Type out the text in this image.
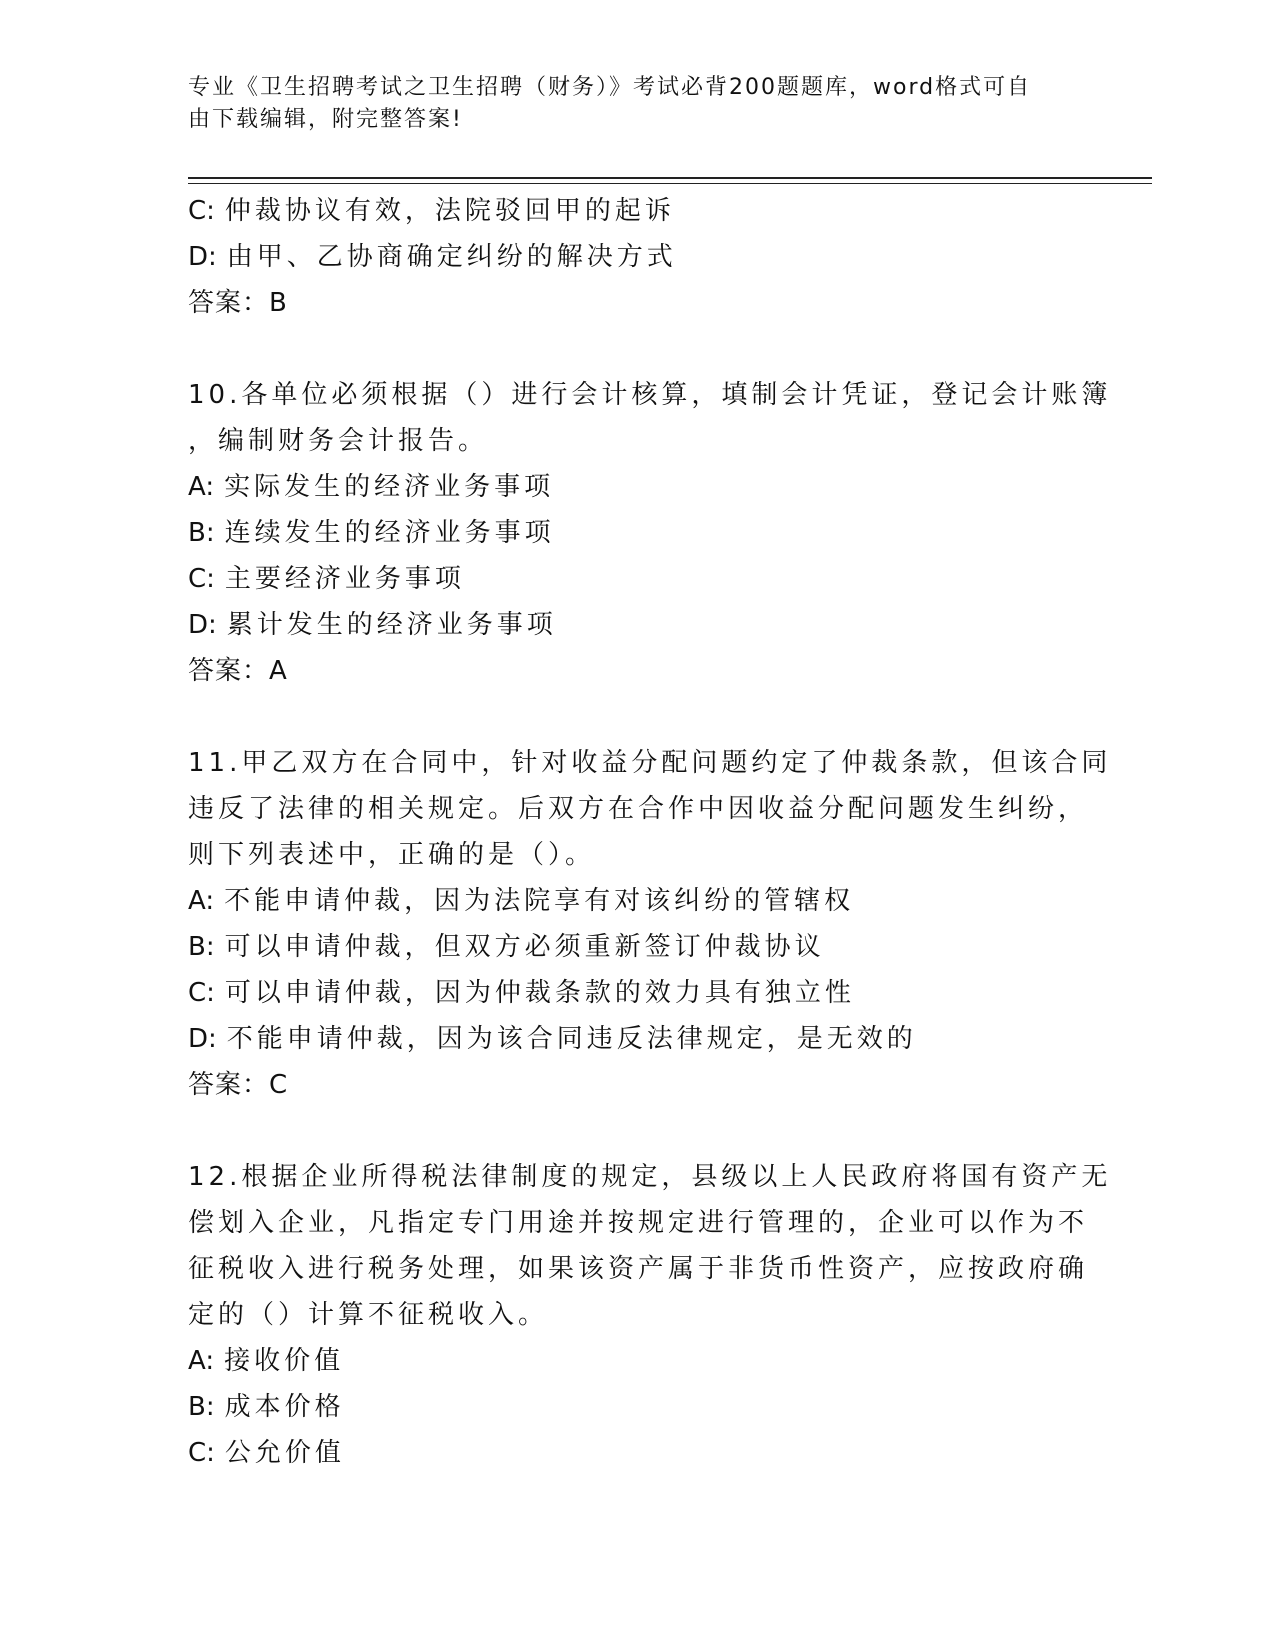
专业《卫生招聘考试之卫生招聘（财务）》考试必背200题题库，word格式可自
由下载编辑，附完整答案!
C: 仲裁协议有效，法院驳回甲的起诉
D: 由甲、乙协商确定纠纷的解决方式
答案：B
10.各单位必须根据（）进行会计核算，填制会计凭证，登记会计账簿
，编制财务会计报告。
A: 实际发生的经济业务事项
B: 连续发生的经济业务事项
C: 主要经济业务事项
D: 累计发生的经济业务事项
答案：A
11.甲乙双方在合同中，针对收益分配问题约定了仲裁条款，但该合同
违反了法律的相关规定。后双方在合作中因收益分配问题发生纠纷，
则下列表述中，正确的是（）。
A: 不能申请仲裁，因为法院享有对该纠纷的管辖权
B: 可以申请仲裁，但双方必须重新签订仲裁协议
C: 可以申请仲裁，因为仲裁条款的效力具有独立性
D: 不能申请仲裁，因为该合同违反法律规定，是无效的
答案：C
12.根据企业所得税法律制度的规定，县级以上人民政府将国有资产无
偿划入企业，凡指定专门用途并按规定进行管理的，企业可以作为不
征税收入进行税务处理，如果该资产属于非货币性资产，应按政府确
定的（）计算不征税收入。
A: 接收价值
B: 成本价格
C: 公允价值
